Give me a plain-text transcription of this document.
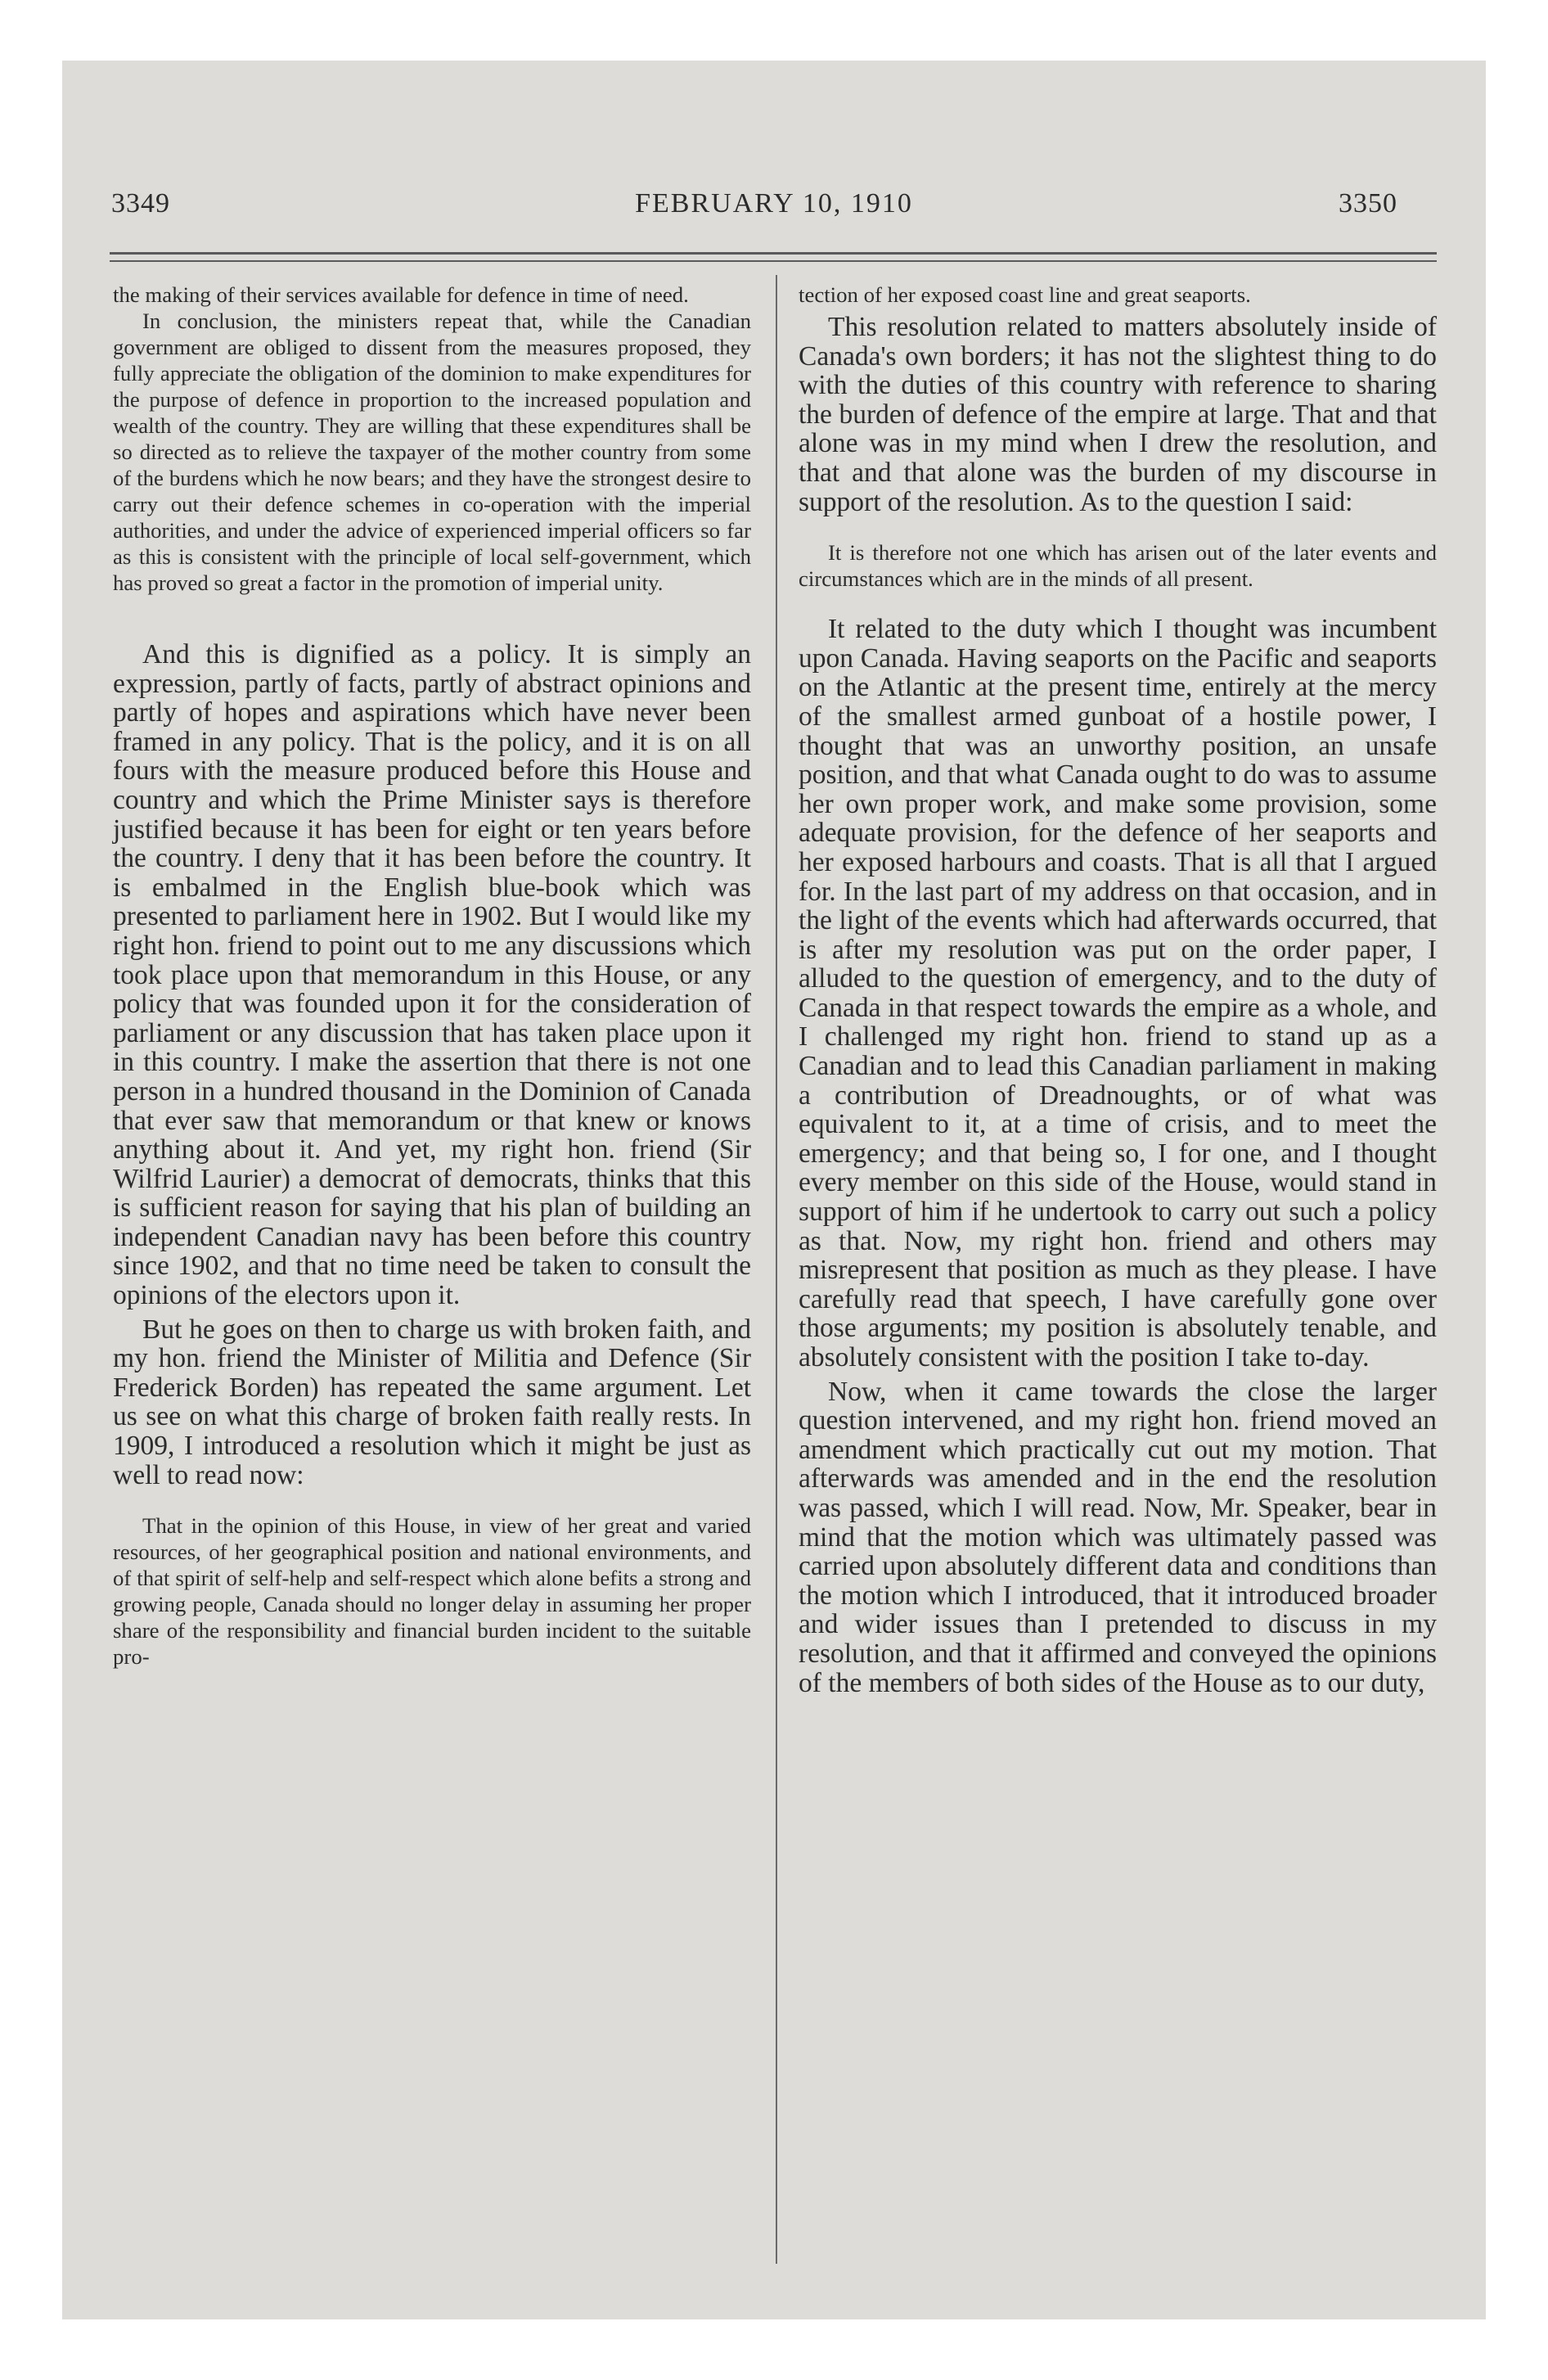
3349	FEBRUARY 10, 1910	3350

the making of their services available for defence in time of need.

In conclusion, the ministers repeat that, while the Canadian government are obliged to dissent from the measures proposed, they fully appreciate the obligation of the dominion to make expenditures for the purpose of defence in proportion to the increased population and wealth of the country. They are willing that these expenditures shall be so directed as to relieve the taxpayer of the mother country from some of the burdens which he now bears; and they have the strongest desire to carry out their defence schemes in co-operation with the imperial authorities, and under the advice of experienced imperial officers so far as this is consistent with the principle of local self-government, which has proved so great a factor in the promotion of imperial unity.

And this is dignified as a policy. It is simply an expression, partly of facts, partly of abstract opinions and partly of hopes and aspirations which have never been framed in any policy. That is the policy, and it is on all fours with the measure produced before this House and country and which the Prime Minister says is therefore justified because it has been for eight or ten years before the country. I deny that it has been before the country. It is embalmed in the English blue-book which was presented to parliament here in 1902. But I would like my right hon. friend to point out to me any discussions which took place upon that memorandum in this House, or any policy that was founded upon it for the consideration of parliament or any discussion that has taken place upon it in this country. I make the assertion that there is not one person in a hundred thousand in the Dominion of Canada that ever saw that memorandum or that knew or knows anything about it. And yet, my right hon. friend (Sir Wilfrid Laurier) a democrat of democrats, thinks that this is sufficient reason for saying that his plan of building an independent Canadian navy has been before this country since 1902, and that no time need be taken to consult the opinions of the electors upon it.

But he goes on then to charge us with broken faith, and my hon. friend the Minister of Militia and Defence (Sir Frederick Borden) has repeated the same argument. Let us see on what this charge of broken faith really rests. In 1909, I introduced a resolution which it might be just as well to read now:

That in the opinion of this House, in view of her great and varied resources, of her geographical position and national environments, and of that spirit of self-help and self-respect which alone befits a strong and growing people, Canada should no longer delay in assuming her proper share of the responsibility and financial burden incident to the suitable pro-

tection of her exposed coast line and great seaports.

This resolution related to matters absolutely inside of Canada's own borders; it has not the slightest thing to do with the duties of this country with reference to sharing the burden of defence of the empire at large. That and that alone was in my mind when I drew the resolution, and that and that alone was the burden of my discourse in support of the resolution. As to the question I said:

It is therefore not one which has arisen out of the later events and circumstances which are in the minds of all present.

It related to the duty which I thought was incumbent upon Canada. Having seaports on the Pacific and seaports on the Atlantic at the present time, entirely at the mercy of the smallest armed gunboat of a hostile power, I thought that was an unworthy position, an unsafe position, and that what Canada ought to do was to assume her own proper work, and make some provision, some adequate provision, for the defence of her seaports and her exposed harbours and coasts. That is all that I argued for. In the last part of my address on that occasion, and in the light of the events which had afterwards occurred, that is after my resolution was put on the order paper, I alluded to the question of emergency, and to the duty of Canada in that respect towards the empire as a whole, and I challenged my right hon. friend to stand up as a Canadian and to lead this Canadian parliament in making a contribution of Dreadnoughts, or of what was equivalent to it, at a time of crisis, and to meet the emergency; and that being so, I for one, and I thought every member on this side of the House, would stand in support of him if he undertook to carry out such a policy as that. Now, my right hon. friend and others may misrepresent that position as much as they please. I have carefully read that speech, I have carefully gone over those arguments; my position is absolutely tenable, and absolutely consistent with the position I take to-day.

Now, when it came towards the close the larger question intervened, and my right hon. friend moved an amendment which practically cut out my motion. That afterwards was amended and in the end the resolution was passed, which I will read. Now, Mr. Speaker, bear in mind that the motion which was ultimately passed was carried upon absolutely different data and conditions than the motion which I introduced, that it introduced broader and wider issues than I pretended to discuss in my resolution, and that it affirmed and conveyed the opinions of the members of both sides of the House as to our duty,
